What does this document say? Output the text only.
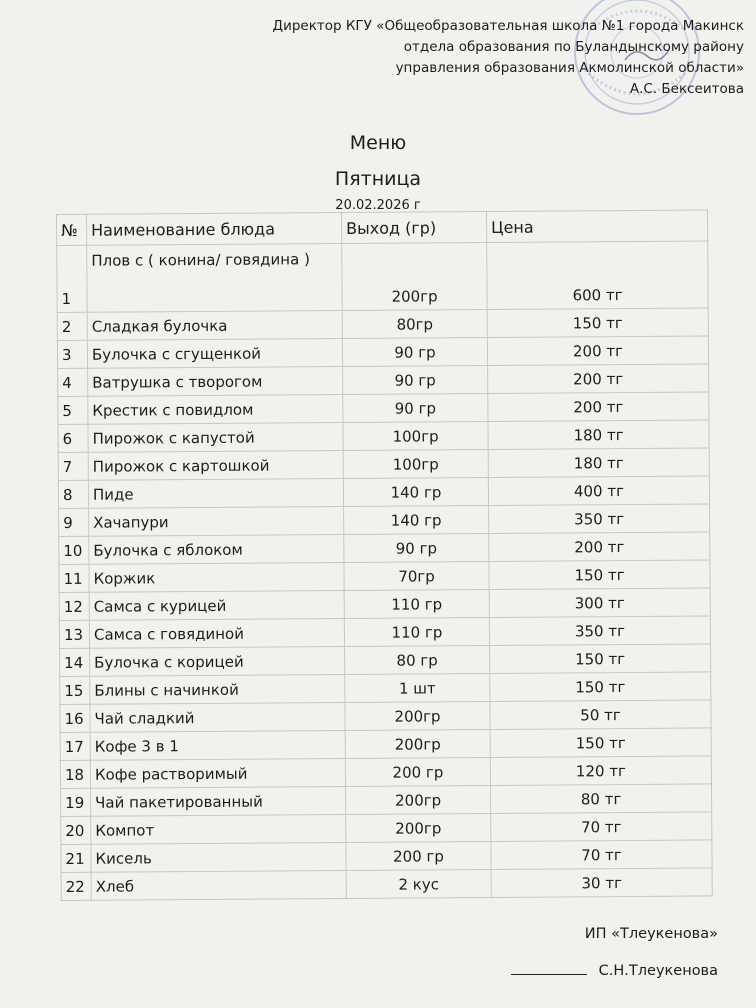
Директор КГУ «Общеобразовательная школа №1 города Макинск
отдела образования по Буландынскому району
управления образования Акмолинской области»
А.С. Бексеитова
Меню
Пятница
20.02.2026 г
№	Наименование блюда	Выход (гр)	Цена
1	Плов с ( конина/ говядина )	200гр	600 тг
2	Сладкая булочка	80гр	150 тг
3	Булочка с сгущенкой	90 гр	200 тг
4	Ватрушка с творогом	90 гр	200 тг
5	Крестик с повидлом	90 гр	200 тг
6	Пирожок с капустой	100гр	180 тг
7	Пирожок с картошкой	100гр	180 тг
8	Пиде	140 гр	400 тг
9	Хачапури	140 гр	350 тг
10	Булочка с яблоком	90 гр	200 тг
11	Коржик	70гр	150 тг
12	Самса с курицей	110 гр	300 тг
13	Самса с говядиной	110 гр	350 тг
14	Булочка с корицей	80 гр	150 тг
15	Блины с начинкой	1 шт	150 тг
16	Чай сладкий	200гр	50 тг
17	Кофе 3 в 1	200гр	150 тг
18	Кофе растворимый	200 гр	120 тг
19	Чай пакетированный	200гр	80 тг
20	Компот	200гр	70 тг
21	Кисель	200 гр	70 тг
22	Хлеб	2 кус	30 тг
ИП «Тлеукенова»
С.Н.Тлеукенова
